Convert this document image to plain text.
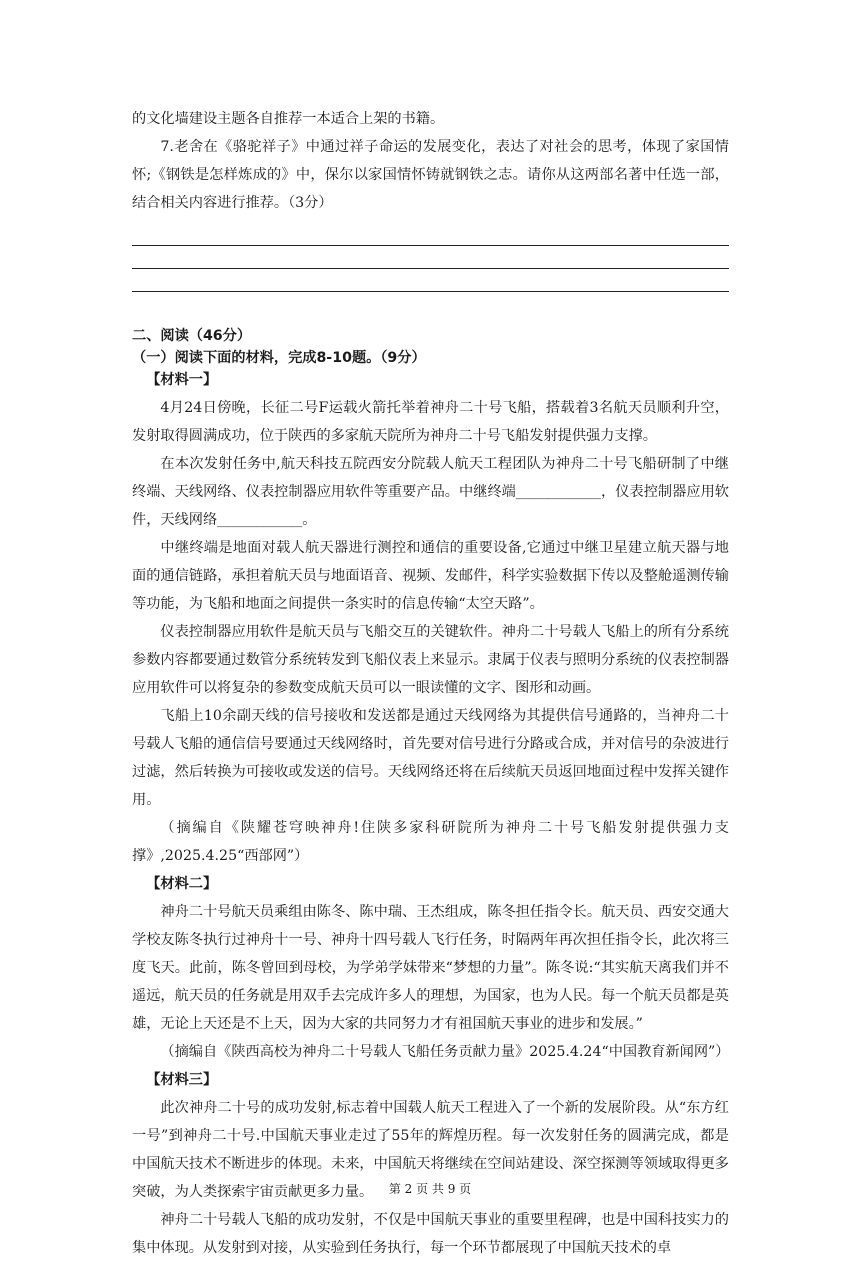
的文化墙建设主题各自推荐一本适合上架的书籍。

7.老舍在《骆驼祥子》中通过祥子命运的发展变化，表达了对社会的思考，体现了家国情怀;《钢铁是怎样炼成的》中，保尔以家国情怀铸就钢铁之志。请你从这两部名著中任选一部，结合相关内容进行推荐。（3分）

二、阅读（46分）

（一）阅读下面的材料，完成8-10题。（9分）

【材料一】

4月24日傍晚，长征二号F运载火箭托举着神舟二十号飞船，搭载着3名航天员顺利升空，发射取得圆满成功，位于陕西的多家航天院所为神舟二十号飞船发射提供强力支撑。

在本次发射任务中,航天科技五院西安分院载人航天工程团队为神舟二十号飞船研制了中继终端、天线网络、仪表控制器应用软件等重要产品。中继终端____________，仪表控制器应用软件，天线网络____________。

中继终端是地面对载人航天器进行测控和通信的重要设备,它通过中继卫星建立航天器与地面的通信链路，承担着航天员与地面语音、视频、发邮件，科学实验数据下传以及整舱遥测传输等功能，为飞船和地面之间提供一条实时的信息传输“太空天路”。

仪表控制器应用软件是航天员与飞船交互的关键软件。神舟二十号载人飞船上的所有分系统参数内容都要通过数管分系统转发到飞船仪表上来显示。隶属于仪表与照明分系统的仪表控制器应用软件可以将复杂的参数变成航天员可以一眼读懂的文字、图形和动画。

飞船上10余副天线的信号接收和发送都是通过天线网络为其提供信号通路的，当神舟二十号载人飞船的通信信号要通过天线网络时，首先要对信号进行分路或合成，并对信号的杂波进行过滤，然后转换为可接收或发送的信号。天线网络还将在后续航天员返回地面过程中发挥关键作用。

（摘编自《陕耀苍穹映神舟!住陕多家科研院所为神舟二十号飞船发射提供强力支撑》,2025.4.25“西部网”）

【材料二】

神舟二十号航天员乘组由陈冬、陈中瑞、王杰组成，陈冬担任指令长。航天员、西安交通大学校友陈冬执行过神舟十一号、神舟十四号载人飞行任务，时隔两年再次担任指令长，此次将三度飞天。此前，陈冬曾回到母校，为学弟学妹带来“梦想的力量”。陈冬说:“其实航天离我们并不遥远，航天员的任务就是用双手去完成许多人的理想，为国家，也为人民。每一个航天员都是英雄，无论上天还是不上天，因为大家的共同努力才有祖国航天事业的进步和发展。”

（摘编自《陕西高校为神舟二十号载人飞船任务贡献力量》2025.4.24“中国教育新闻网”）

【材料三】

此次神舟二十号的成功发射,标志着中国载人航天工程进入了一个新的发展阶段。从“东方红一号”到神舟二十号.中国航天事业走过了55年的辉煌历程。每一次发射任务的圆满完成，都是中国航天技术不断进步的体现。未来，中国航天将继续在空间站建设、深空探测等领域取得更多突破，为人类探索宇宙贡献更多力量。

神舟二十号载人飞船的成功发射，不仅是中国航天事业的重要里程碑，也是中国科技实力的集中体现。从发射到对接，从实验到任务执行，每一个环节都展现了中国航天技术的卓

第 2 页 共 9 页
